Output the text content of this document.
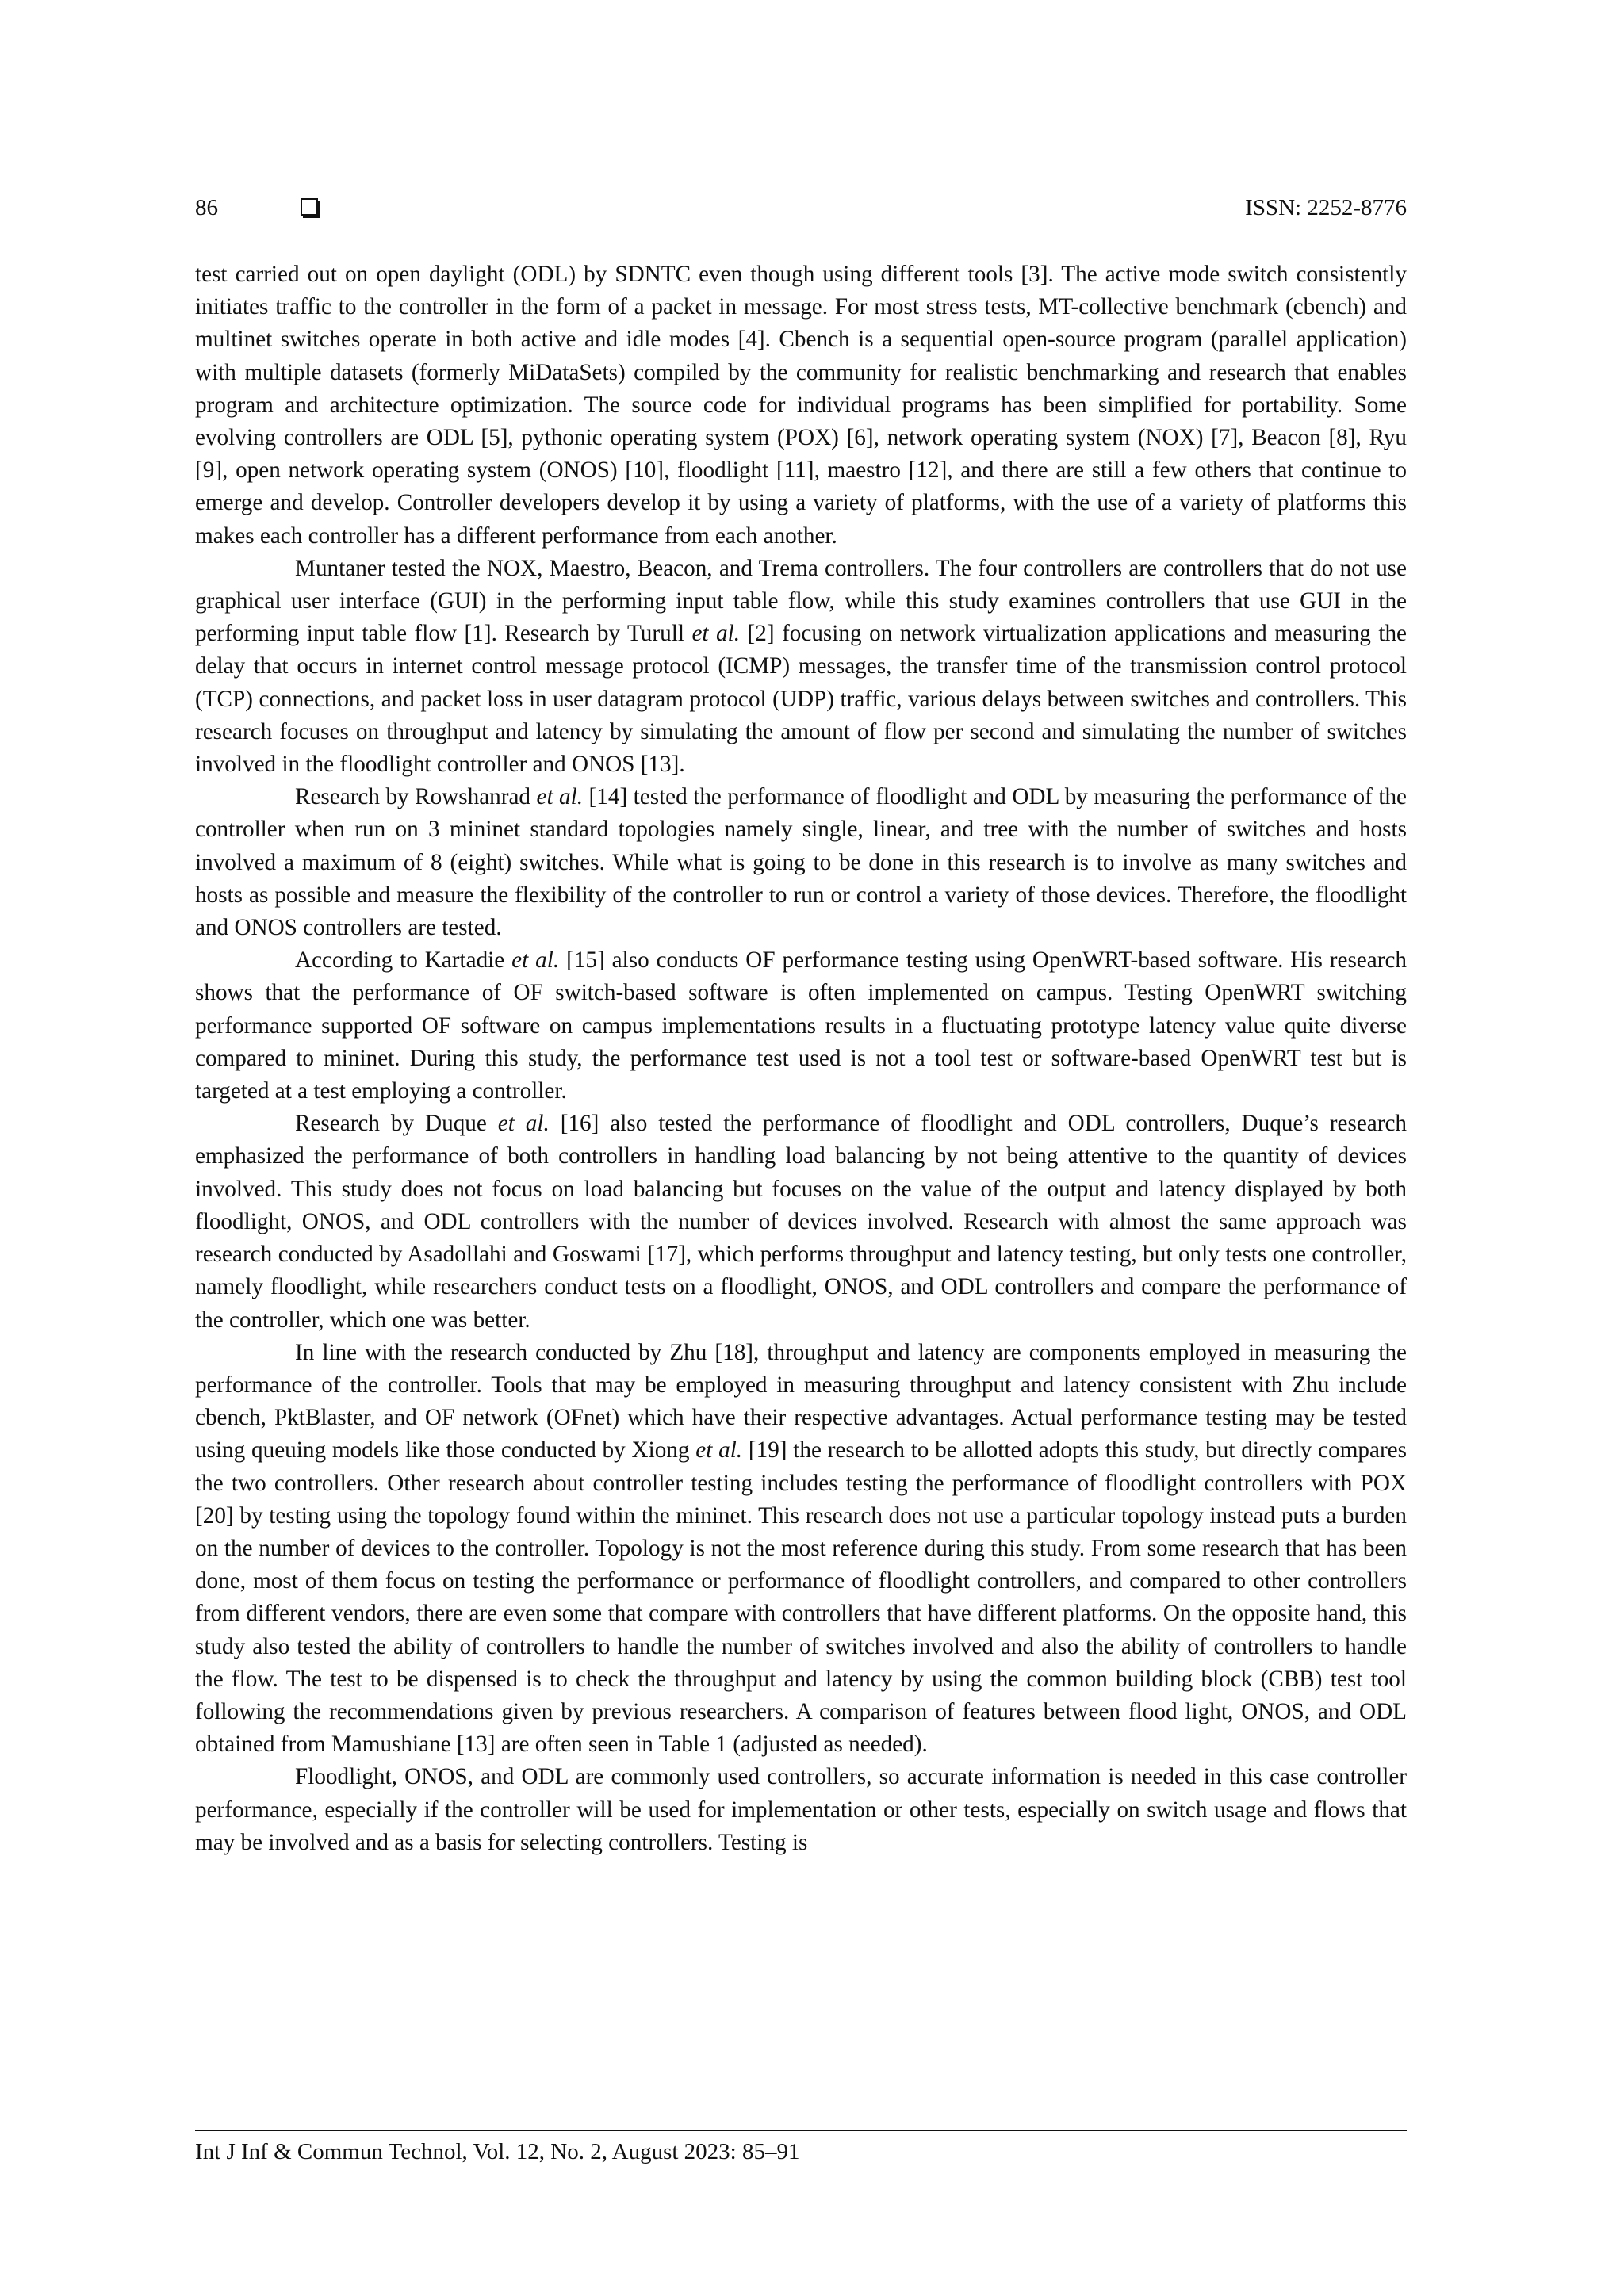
86	ISSN: 2252-8776

test carried out on open daylight (ODL) by SDNTC even though using different tools [3]. The active mode switch consistently initiates traffic to the controller in the form of a packet in message. For most stress tests, MT-collective benchmark (cbench) and multinet switches operate in both active and idle modes [4]. Cbench is a sequential open-source program (parallel application) with multiple datasets (formerly MiDataSets) compiled by the community for realistic benchmarking and research that enables program and architecture optimization. The source code for individual programs has been simplified for portability. Some evolving controllers are ODL [5], pythonic operating system (POX) [6], network operating system (NOX) [7], Beacon [8], Ryu [9], open network operating system (ONOS) [10], floodlight [11], maestro [12], and there are still a few others that continue to emerge and develop. Controller developers develop it by using a variety of platforms, with the use of a variety of platforms this makes each controller has a different performance from each another.

Muntaner tested the NOX, Maestro, Beacon, and Trema controllers. The four controllers are controllers that do not use graphical user interface (GUI) in the performing input table flow, while this study examines controllers that use GUI in the performing input table flow [1]. Research by Turull et al. [2] focusing on network virtualization applications and measuring the delay that occurs in internet control message protocol (ICMP) messages, the transfer time of the transmission control protocol (TCP) connections, and packet loss in user datagram protocol (UDP) traffic, various delays between switches and controllers. This research focuses on throughput and latency by simulating the amount of flow per second and simulating the number of switches involved in the floodlight controller and ONOS [13].

Research by Rowshanrad et al. [14] tested the performance of floodlight and ODL by measuring the performance of the controller when run on 3 mininet standard topologies namely single, linear, and tree with the number of switches and hosts involved a maximum of 8 (eight) switches. While what is going to be done in this research is to involve as many switches and hosts as possible and measure the flexibility of the controller to run or control a variety of those devices. Therefore, the floodlight and ONOS controllers are tested.

According to Kartadie et al. [15] also conducts OF performance testing using OpenWRT-based software. His research shows that the performance of OF switch-based software is often implemented on campus. Testing OpenWRT switching performance supported OF software on campus implementations results in a fluctuating prototype latency value quite diverse compared to mininet. During this study, the performance test used is not a tool test or software-based OpenWRT test but is targeted at a test employing a controller.

Research by Duque et al. [16] also tested the performance of floodlight and ODL controllers, Duque’s research emphasized the performance of both controllers in handling load balancing by not being attentive to the quantity of devices involved. This study does not focus on load balancing but focuses on the value of the output and latency displayed by both floodlight, ONOS, and ODL controllers with the number of devices involved. Research with almost the same approach was research conducted by Asadollahi and Goswami [17], which performs throughput and latency testing, but only tests one controller, namely floodlight, while researchers conduct tests on a floodlight, ONOS, and ODL controllers and compare the performance of the controller, which one was better.

In line with the research conducted by Zhu [18], throughput and latency are components employed in measuring the performance of the controller. Tools that may be employed in measuring throughput and latency consistent with Zhu include cbench, PktBlaster, and OF network (OFnet) which have their respective advantages. Actual performance testing may be tested using queuing models like those conducted by Xiong et al. [19] the research to be allotted adopts this study, but directly compares the two controllers. Other research about controller testing includes testing the performance of floodlight controllers with POX [20] by testing using the topology found within the mininet. This research does not use a particular topology instead puts a burden on the number of devices to the controller. Topology is not the most reference during this study. From some research that has been done, most of them focus on testing the performance or performance of floodlight controllers, and compared to other controllers from different vendors, there are even some that compare with controllers that have different platforms. On the opposite hand, this study also tested the ability of controllers to handle the number of switches involved and also the ability of controllers to handle the flow. The test to be dispensed is to check the throughput and latency by using the common building block (CBB) test tool following the recommendations given by previous researchers. A comparison of features between flood light, ONOS, and ODL obtained from Mamushiane [13] are often seen in Table 1 (adjusted as needed).

Floodlight, ONOS, and ODL are commonly used controllers, so accurate information is needed in this case controller performance, especially if the controller will be used for implementation or other tests, especially on switch usage and flows that may be involved and as a basis for selecting controllers. Testing is

Int J Inf & Commun Technol, Vol. 12, No. 2, August 2023: 85–91
